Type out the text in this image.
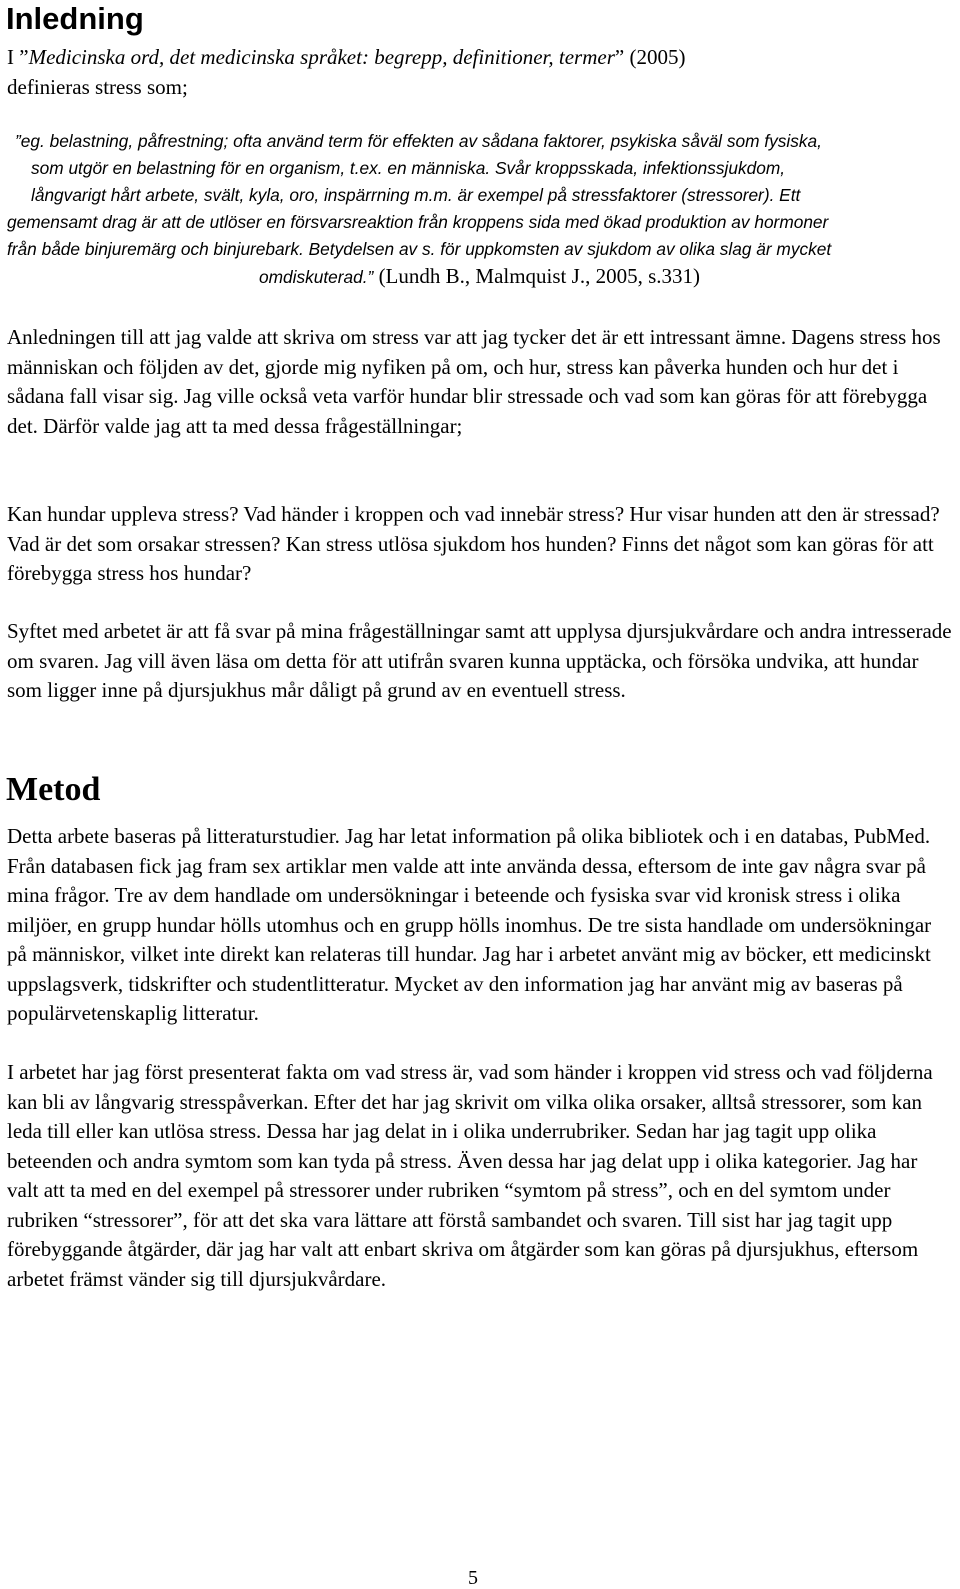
Inledning

I ”Medicinska ord, det medicinska språket: begrepp, definitioner, termer” (2005)
definieras stress som;

”eg. belastning, påfrestning; ofta använd term för effekten av sådana faktorer, psykiska såväl som fysiska,
som utgör en belastning för en organism, t.ex. en människa. Svår kroppsskada, infektionssjukdom,
långvarigt hårt arbete, svält, kyla, oro, inspärrning m.m. är exempel på stressfaktorer (stressorer). Ett
gemensamt drag är att de utlöser en försvarsreaktion från kroppens sida med ökad produktion av hormoner
från både binjuremärg och binjurebark. Betydelsen av s. för uppkomsten av sjukdom av olika slag är mycket

omdiskuterad.” (Lundh B., Malmquist J., 2005, s.331)

Anledningen till att jag valde att skriva om stress var att jag tycker det är ett intressant ämne. Dagens stress hos människan och följden av det, gjorde mig nyfiken på om, och hur, stress kan påverka hunden och hur det i sådana fall visar sig. Jag ville också veta varför hundar blir stressade och vad som kan göras för att förebygga det. Därför valde jag att ta med dessa frågeställningar;

Kan hundar uppleva stress? Vad händer i kroppen och vad innebär stress? Hur visar hunden att den är stressad? Vad är det som orsakar stressen? Kan stress utlösa sjukdom hos hunden? Finns det något som kan göras för att förebygga stress hos hundar?

Syftet med arbetet är att få svar på mina frågeställningar samt att upplysa djursjukvårdare och andra intresserade om svaren. Jag vill även läsa om detta för att utifrån svaren kunna upptäcka, och försöka undvika, att hundar som ligger inne på djursjukhus mår dåligt på grund av en eventuell stress.

Metod

Detta arbete baseras på litteraturstudier. Jag har letat information på olika bibliotek och i en databas, PubMed. Från databasen fick jag fram sex artiklar men valde att inte använda dessa, eftersom de inte gav några svar på mina frågor. Tre av dem handlade om undersökningar i beteende och fysiska svar vid kronisk stress i olika miljöer, en grupp hundar hölls utomhus och en grupp hölls inomhus. De tre sista handlade om undersökningar på människor, vilket inte direkt kan relateras till hundar. Jag har i arbetet använt mig av böcker, ett medicinskt uppslagsverk, tidskrifter och studentlitteratur. Mycket av den information jag har använt mig av baseras på populärvetenskaplig litteratur.

I arbetet har jag först presenterat fakta om vad stress är, vad som händer i kroppen vid stress och vad följderna kan bli av långvarig stresspåverkan. Efter det har jag skrivit om vilka olika orsaker, alltså stressorer, som kan leda till eller kan utlösa stress. Dessa har jag delat in i olika underrubriker. Sedan har jag tagit upp olika beteenden och andra symtom som kan tyda på stress. Även dessa har jag delat upp i olika kategorier. Jag har valt att ta med en del exempel på stressorer under rubriken “symtom på stress”, och en del symtom under rubriken “stressorer”, för att det ska vara lättare att förstå sambandet och svaren. Till sist har jag tagit upp förebyggande åtgärder, där jag har valt att enbart skriva om åtgärder som kan göras på djursjukhus, eftersom arbetet främst vänder sig till djursjukvårdare.

5
